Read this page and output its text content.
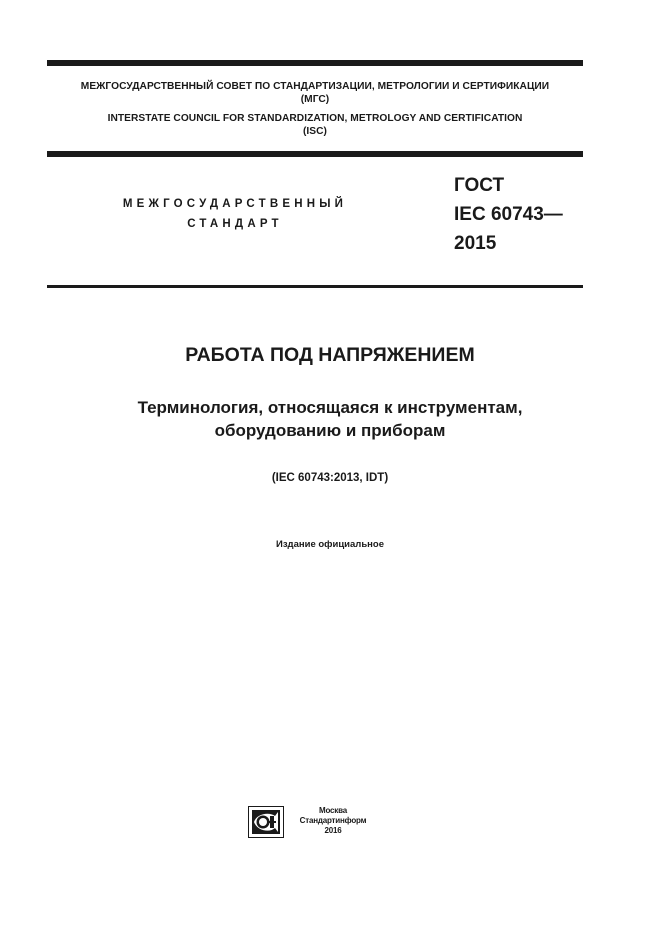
МЕЖГОСУДАРСТВЕННЫЙ СОВЕТ ПО СТАНДАРТИЗАЦИИ, МЕТРОЛОГИИ И СЕРТИФИКАЦИИ
(МГС)
INTERSTATE COUNCIL FOR STANDARDIZATION, METROLOGY AND CERTIFICATION
(ISC)
МЕЖГОСУДАРСТВЕННЫЙ
СТАНДАРТ
ГОСТ
IEC 60743—
2015
РАБОТА ПОД НАПРЯЖЕНИЕМ
Терминология, относящаяся к инструментам,
оборудованию и приборам
(IEC 60743:2013, IDT)
Издание официальное
Москва
Стандартинформ
2016
